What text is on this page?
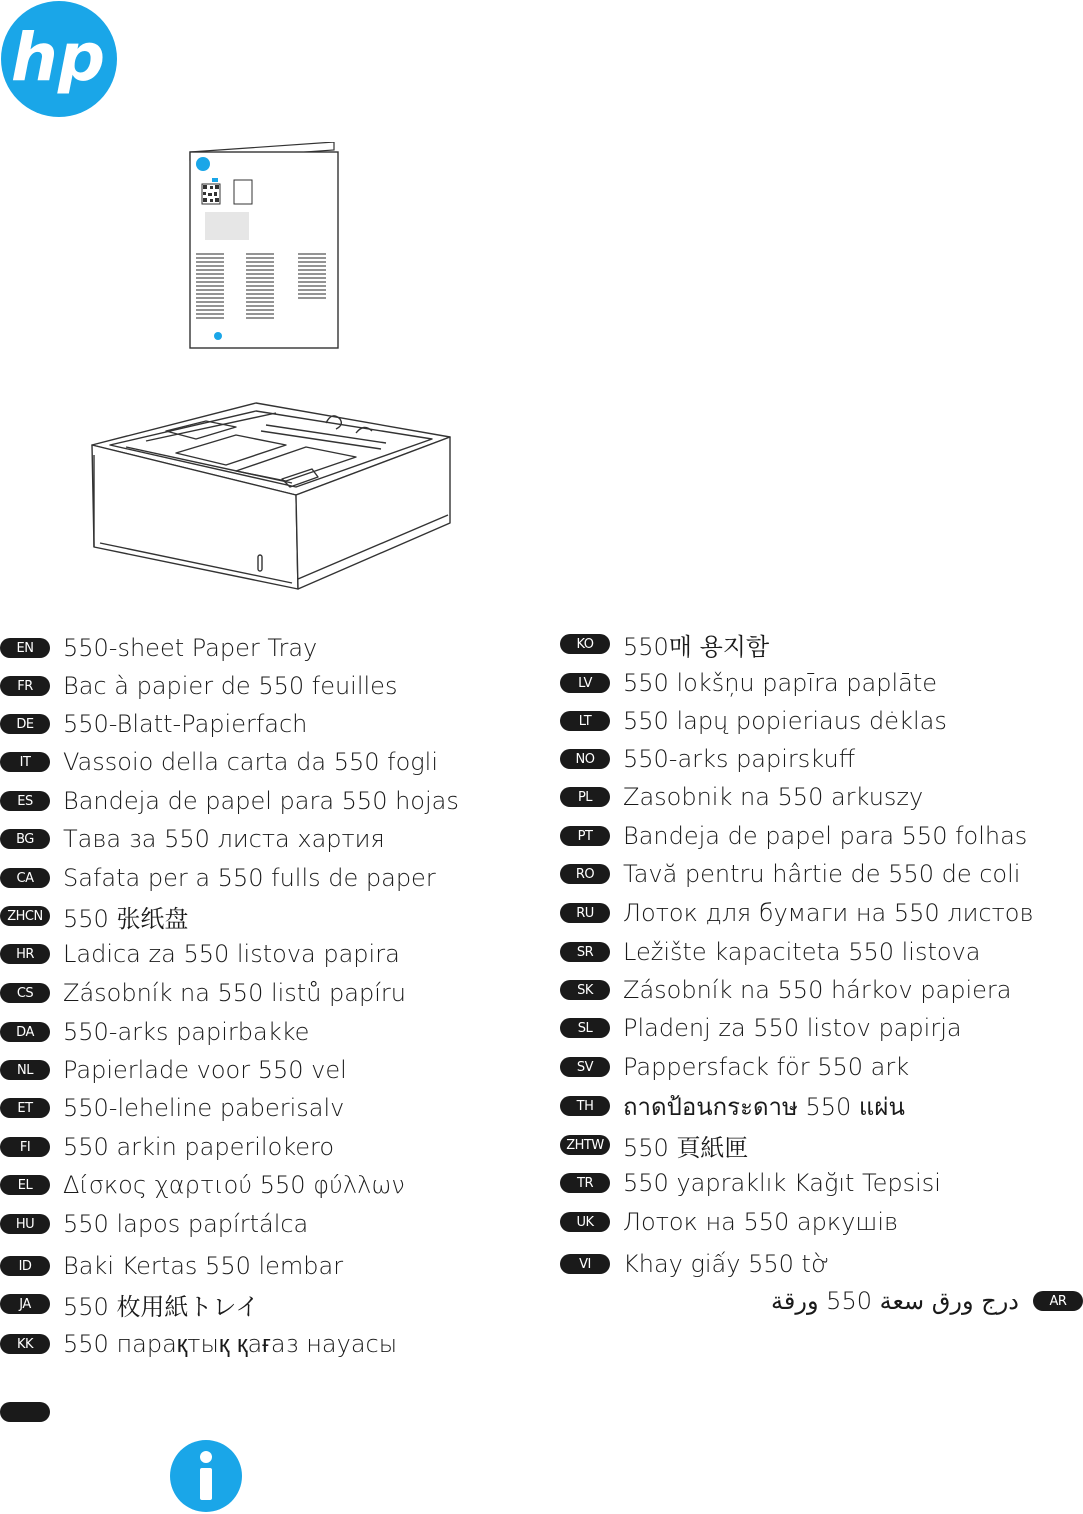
hp
EN	550-sheet Paper Tray
FR	Bac à papier de 550 feuilles
DE	550-Blatt-Papierfach
IT	Vassoio della carta da 550 fogli
ES	Bandeja de papel para 550 hojas
BG	Тава за 550 листа хартия
CA	Safata per a 550 fulls de paper
ZHCN 550 张纸盘
HR	Ladica za 550 listova papira
CS	Zásobník na 550 listů papíru
DA	550-arks papirbakke
NL	Papierlade voor 550 vel
ET	550-leheline paberisalv
FI	550 arkin paperilokero
EL	Δίσκος χαρτιού 550 φύλλων
HU	550 lapos papírtálca
ID	Baki Kertas 550 lembar
JA	550 枚用紙トレイ
KK	550 парақтық қағаз науасы
KO	550매 용지함
LV	550 lokšņu papīra paplāte
LT	550 lapų popieriaus dėklas
NO	550-arks papirskuff
PL	Zasobnik na 550 arkuszy
PT	Bandeja de papel para 550 folhas
RO	Tavă pentru hârtie de 550 de coli
RU	Лоток для бумаги на 550 листов
SR	Ležište kapaciteta 550 listova
SK	Zásobník na 550 hárkov papiera
SL	Pladenj za 550 listov papirja
SV	Pappersfack för 550 ark
TH	ถาดป้อนกระดาษ 550 แผ่น
ZHTW 550 頁紙匣
TR	550 yapraklık Kağıt Tepsisi
UK	Лоток на 550 аркушів
VI	Khay giấy 550 tờ
درج ورق سعة 550 ورقة	AR
